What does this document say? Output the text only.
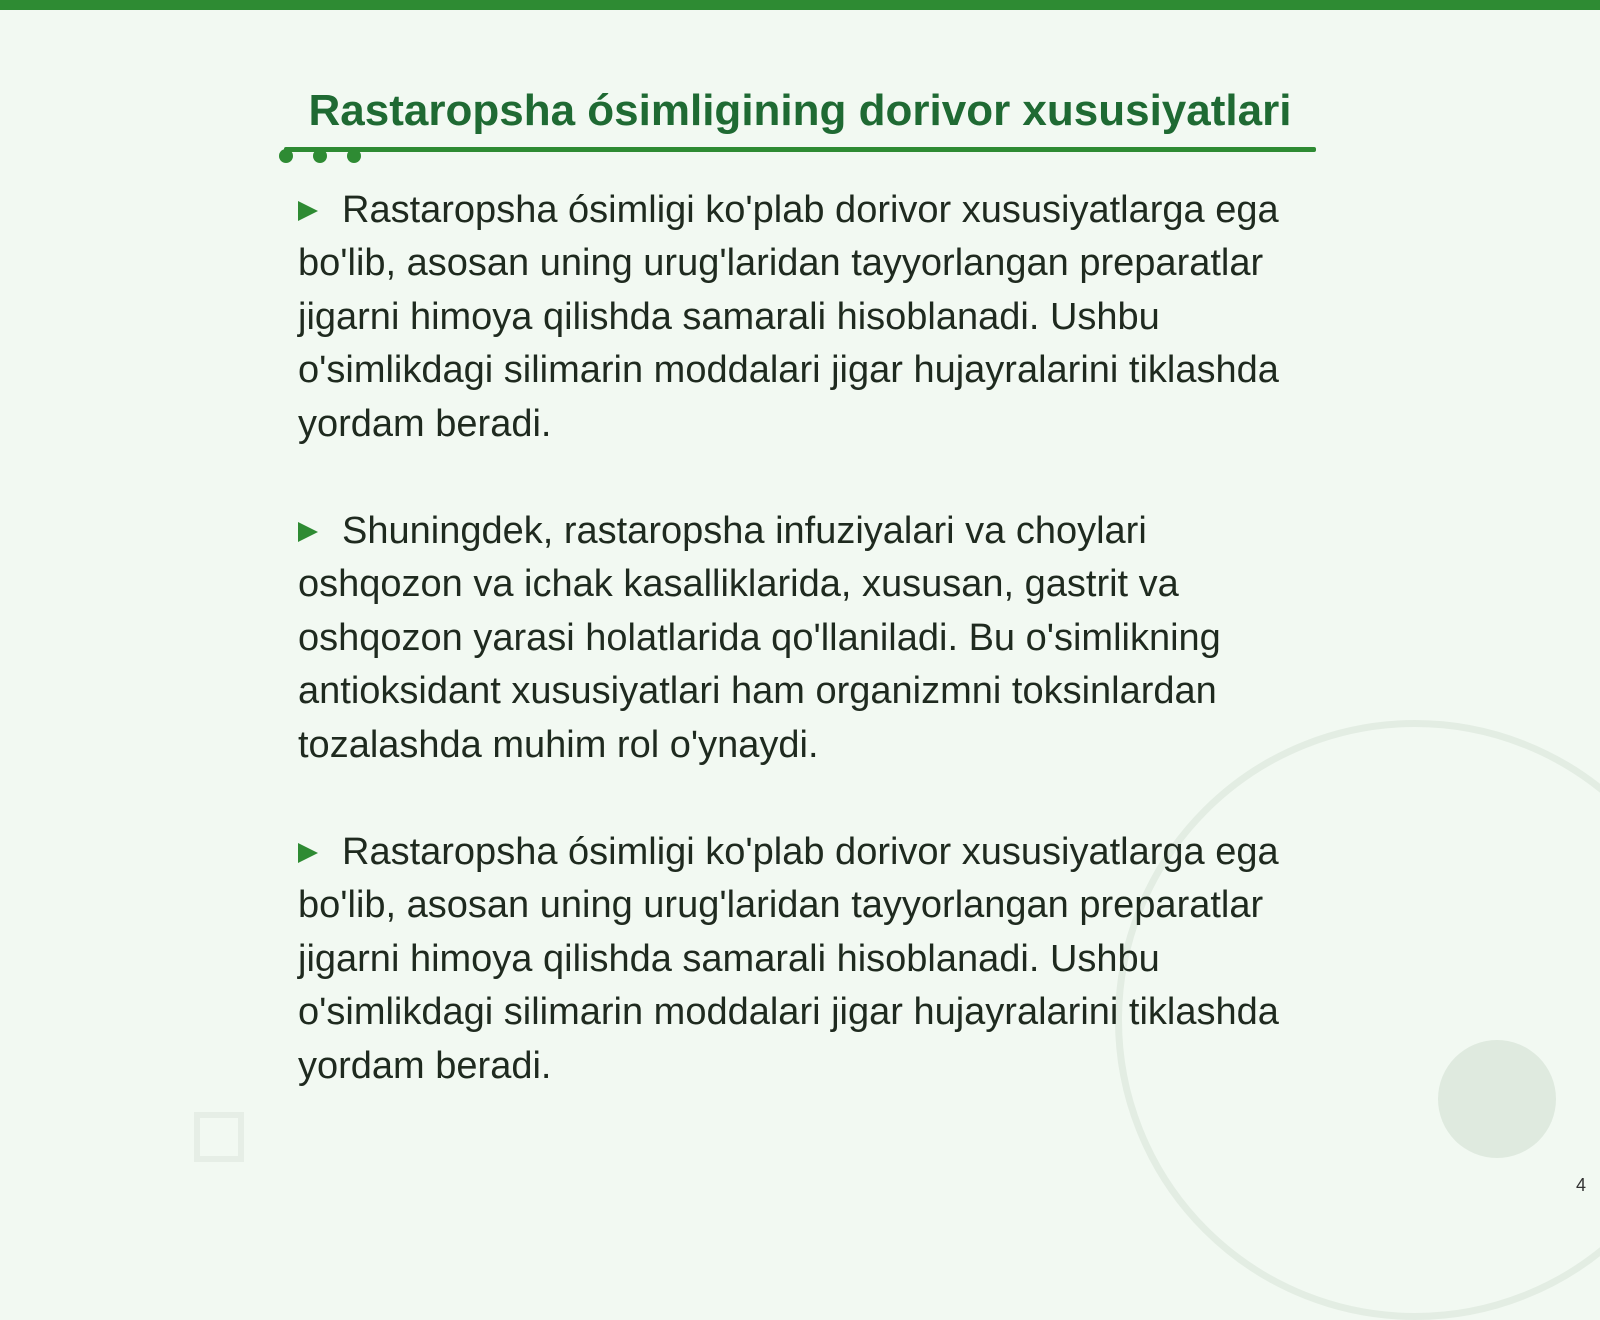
Rastaropsha ósimligining dorivor xususiyatlari

Rastaropsha ósimligi ko'plab dorivor xususiyatlarga ega bo'lib, asosan uning urug'laridan tayyorlangan preparatlar jigarni himoya qilishda samarali hisoblanadi. Ushbu o'simlikdagi silimarin moddalari jigar hujayralarini tiklashda yordam beradi.

Shuningdek, rastaropsha infuziyalari va choylari oshqozon va ichak kasalliklarida, xususan, gastrit va oshqozon yarasi holatlarida qo'llaniladi. Bu o'simlikning antioksidant xususiyatlari ham organizmni toksinlardan tozalashda muhim rol o'ynaydi.

Rastaropsha ósimligi ko'plab dorivor xususiyatlarga ega bo'lib, asosan uning urug'laridan tayyorlangan preparatlar jigarni himoya qilishda samarali hisoblanadi. Ushbu o'simlikdagi silimarin moddalari jigar hujayralarini tiklashda yordam beradi.

4
